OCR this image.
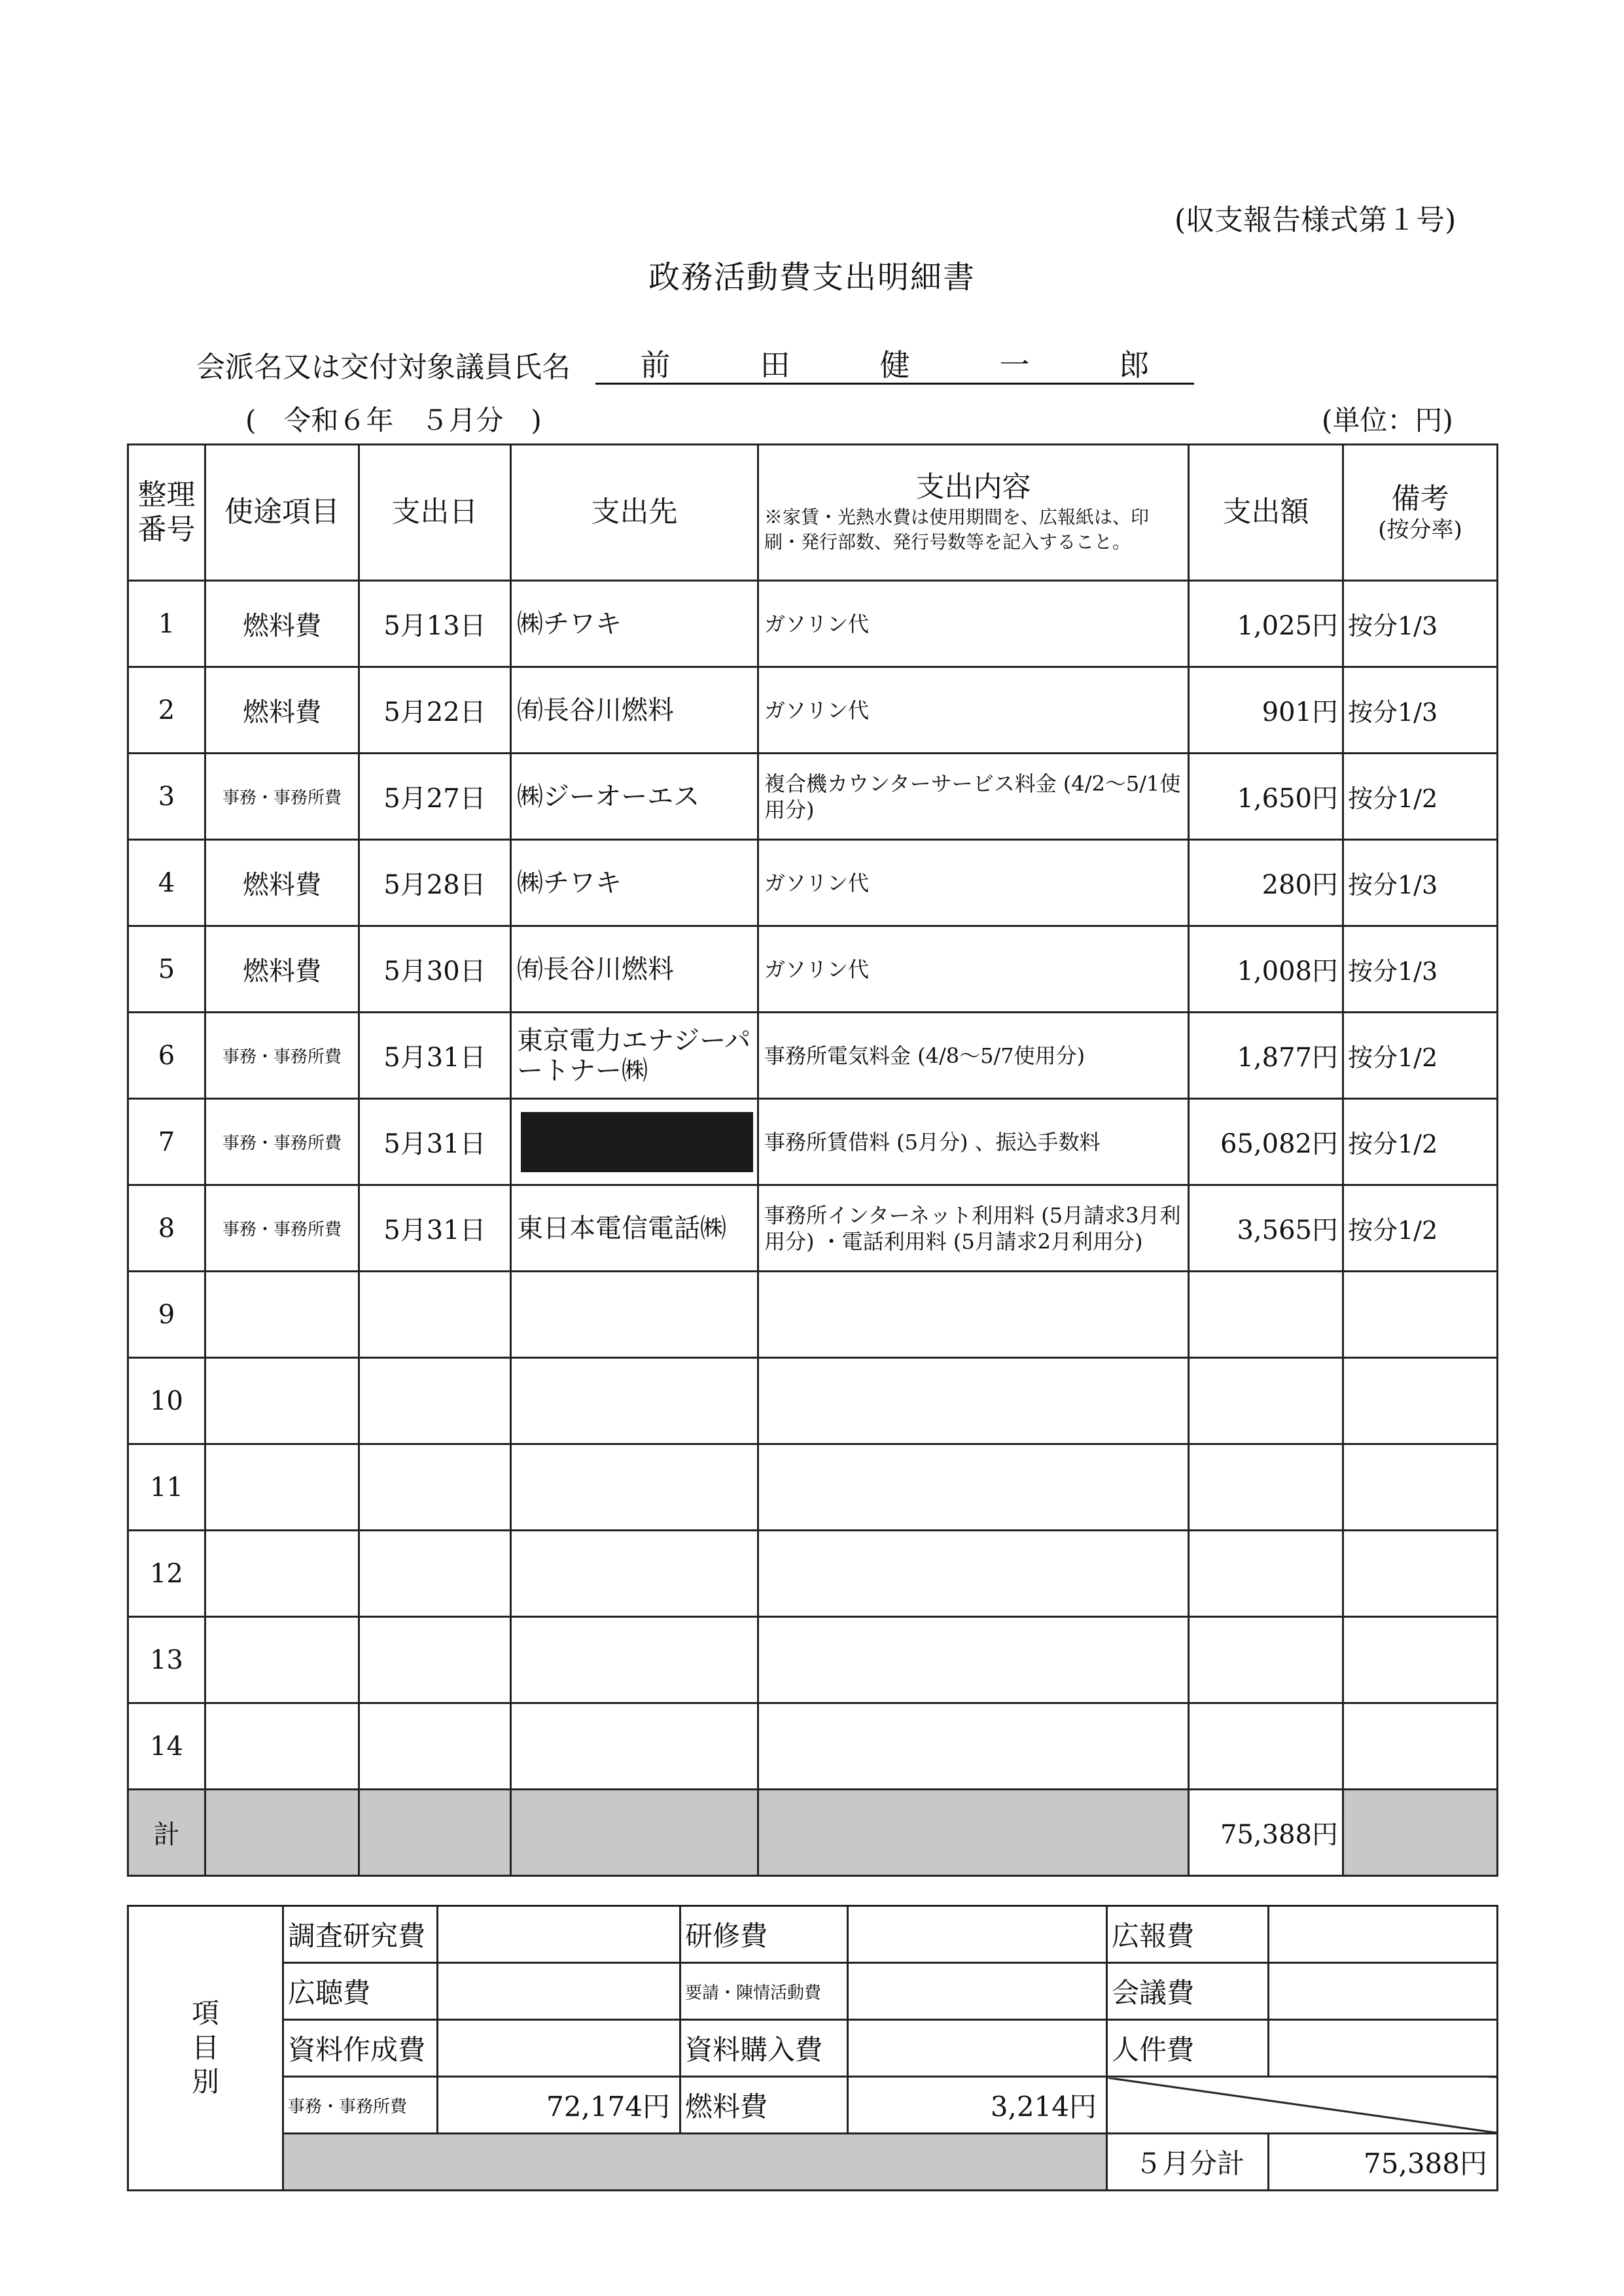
(収支報告様式第１号)
政務活動費支出明細書
会派名又は交付対象議員氏名 前	田	健	一	郎
(　令和６年　５月分　)	(単位：円)
整理
番号	使途項目	支出日	支出先	支出内容
※家賃・光熱水費は使用期間を、広報紙は、印刷・発行部数、発行号数等を記入すること。	支出額	備考
(按分率)

1	燃料費	5月13日	㈱チワキ	ガソリン代	1,025円	按分1/3
2	燃料費	5月22日	㈲長谷川燃料	ガソリン代	901円	按分1/3
3	事務・事務所費	5月27日	㈱ジーオーエス	複合機カウンターサービス料金 (4/2～5/1使用分)	1,650円	按分1/2
4	燃料費	5月28日	㈱チワキ	ガソリン代	280円	按分1/3
5	燃料費	5月30日	㈲長谷川燃料	ガソリン代	1,008円	按分1/3
6	事務・事務所費	5月31日	東京電力エナジーパートナー㈱	事務所電気料金 (4/8～5/7使用分)	1,877円	按分1/2
7	事務・事務所費	5月31日		事務所賃借料 (5月分) 、振込手数料	65,082円	按分1/2
8	事務・事務所費	5月31日	東日本電信電話㈱	事務所インターネット利用料 (5月請求3月利用分) ・電話利用料 (5月請求2月利用分)	3,565円	按分1/2
9						
10						
11						
12						
13						
14						
計					75,388円	
項
目
別	調査研究費		研修費		広報費	
	広聴費		要請・陳情活動費		会議費	
	資料作成費		資料購入費		人件費	
	事務・事務所費	72,174円	燃料費	3,214円		
					５月分計	75,388円
